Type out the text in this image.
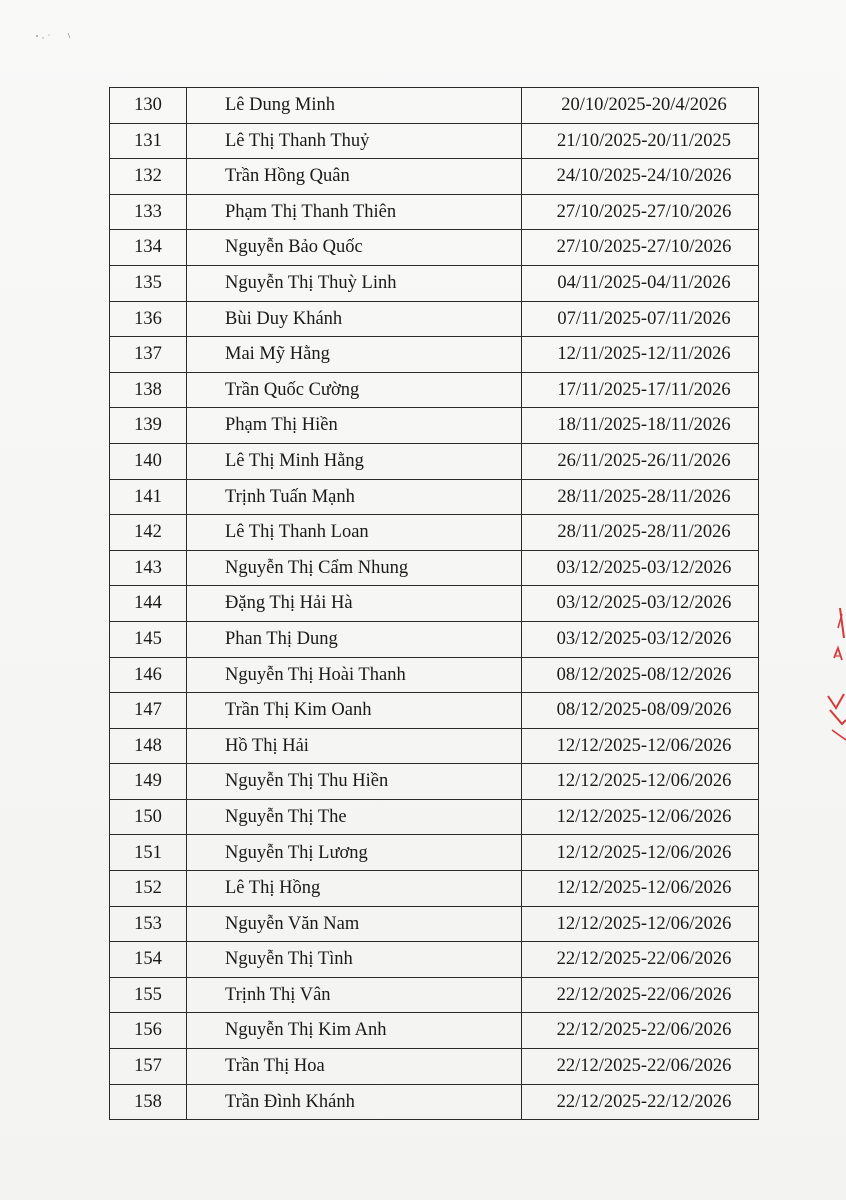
130	Lê Dung Minh	20/10/2025-20/4/2026
131	Lê Thị Thanh Thuỷ	21/10/2025-20/11/2025
132	Trần Hồng Quân	24/10/2025-24/10/2026
133	Phạm Thị Thanh Thiên	27/10/2025-27/10/2026
134	Nguyễn Bảo Quốc	27/10/2025-27/10/2026
135	Nguyễn Thị Thuỳ Linh	04/11/2025-04/11/2026
136	Bùi Duy Khánh	07/11/2025-07/11/2026
137	Mai Mỹ Hằng	12/11/2025-12/11/2026
138	Trần Quốc Cường	17/11/2025-17/11/2026
139	Phạm Thị Hiền	18/11/2025-18/11/2026
140	Lê Thị Minh Hằng	26/11/2025-26/11/2026
141	Trịnh Tuấn Mạnh	28/11/2025-28/11/2026
142	Lê Thị Thanh Loan	28/11/2025-28/11/2026
143	Nguyễn Thị Cẩm Nhung	03/12/2025-03/12/2026
144	Đặng Thị Hải Hà	03/12/2025-03/12/2026
145	Phan Thị Dung	03/12/2025-03/12/2026
146	Nguyễn Thị Hoài Thanh	08/12/2025-08/12/2026
147	Trần Thị Kim Oanh	08/12/2025-08/09/2026
148	Hồ Thị Hải	12/12/2025-12/06/2026
149	Nguyễn Thị Thu Hiền	12/12/2025-12/06/2026
150	Nguyễn Thị The	12/12/2025-12/06/2026
151	Nguyễn Thị Lương	12/12/2025-12/06/2026
152	Lê Thị Hồng	12/12/2025-12/06/2026
153	Nguyễn Văn Nam	12/12/2025-12/06/2026
154	Nguyễn Thị Tình	22/12/2025-22/06/2026
155	Trịnh Thị Vân	22/12/2025-22/06/2026
156	Nguyễn Thị Kim Anh	22/12/2025-22/06/2026
157	Trần Thị Hoa	22/12/2025-22/06/2026
158	Trần Đình Khánh	22/12/2025-22/12/2026
